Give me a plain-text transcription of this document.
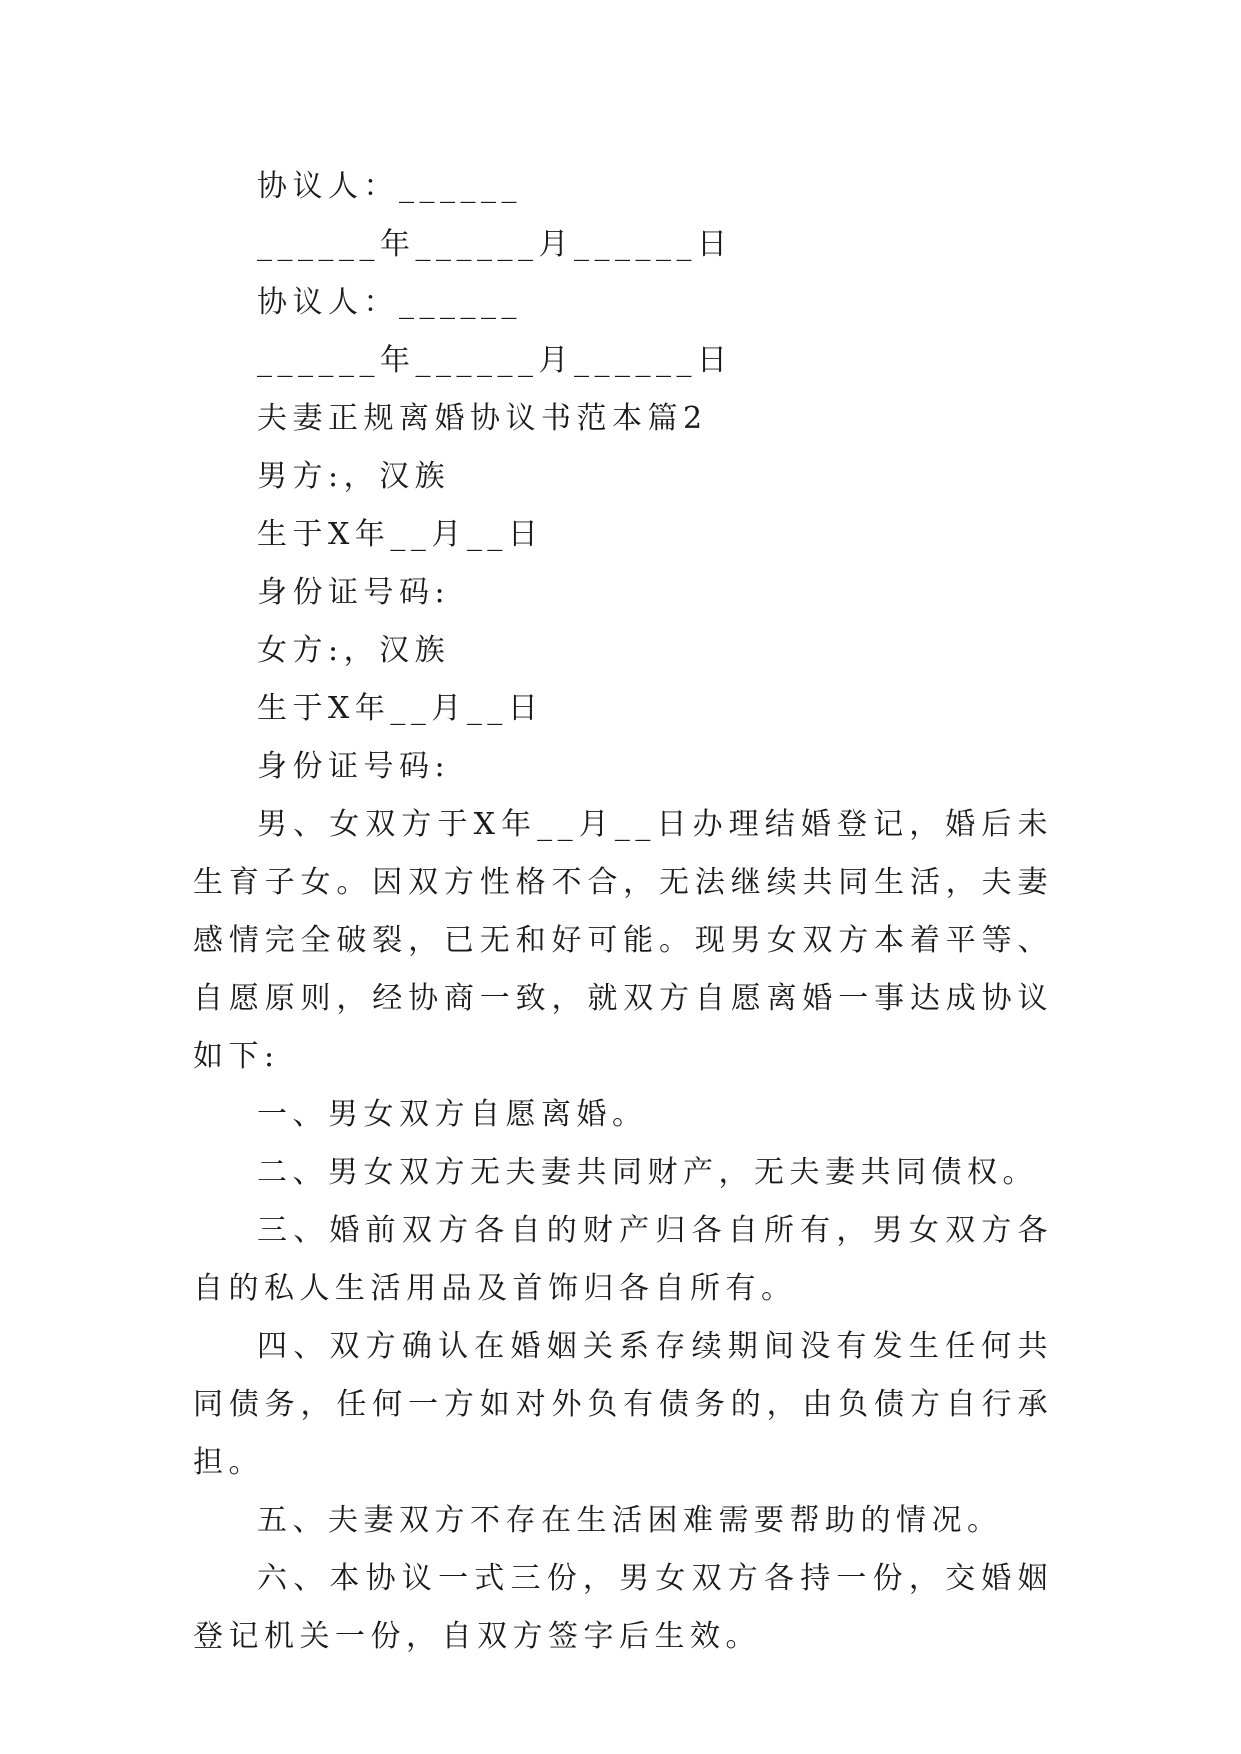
协议人：______

______年______月______日

协议人：______

______年______月______日

夫妻正规离婚协议书范本篇2

男方:，汉族

生于X年__月__日

身份证号码:

女方:，汉族

生于X年__月__日

身份证号码:

男、女双方于X年__月__日办理结婚登记，婚后未生育子女。因双方性格不合，无法继续共同生活，夫妻感情完全破裂，已无和好可能。现男女双方本着平等、自愿原则，经协商一致，就双方自愿离婚一事达成协议如下:

一、男女双方自愿离婚。

二、男女双方无夫妻共同财产，无夫妻共同债权。

三、婚前双方各自的财产归各自所有，男女双方各自的私人生活用品及首饰归各自所有。

四、双方确认在婚姻关系存续期间没有发生任何共同债务，任何一方如对外负有债务的，由负债方自行承担。

五、夫妻双方不存在生活困难需要帮助的情况。

六、本协议一式三份，男女双方各持一份，交婚姻登记机关一份，自双方签字后生效。
